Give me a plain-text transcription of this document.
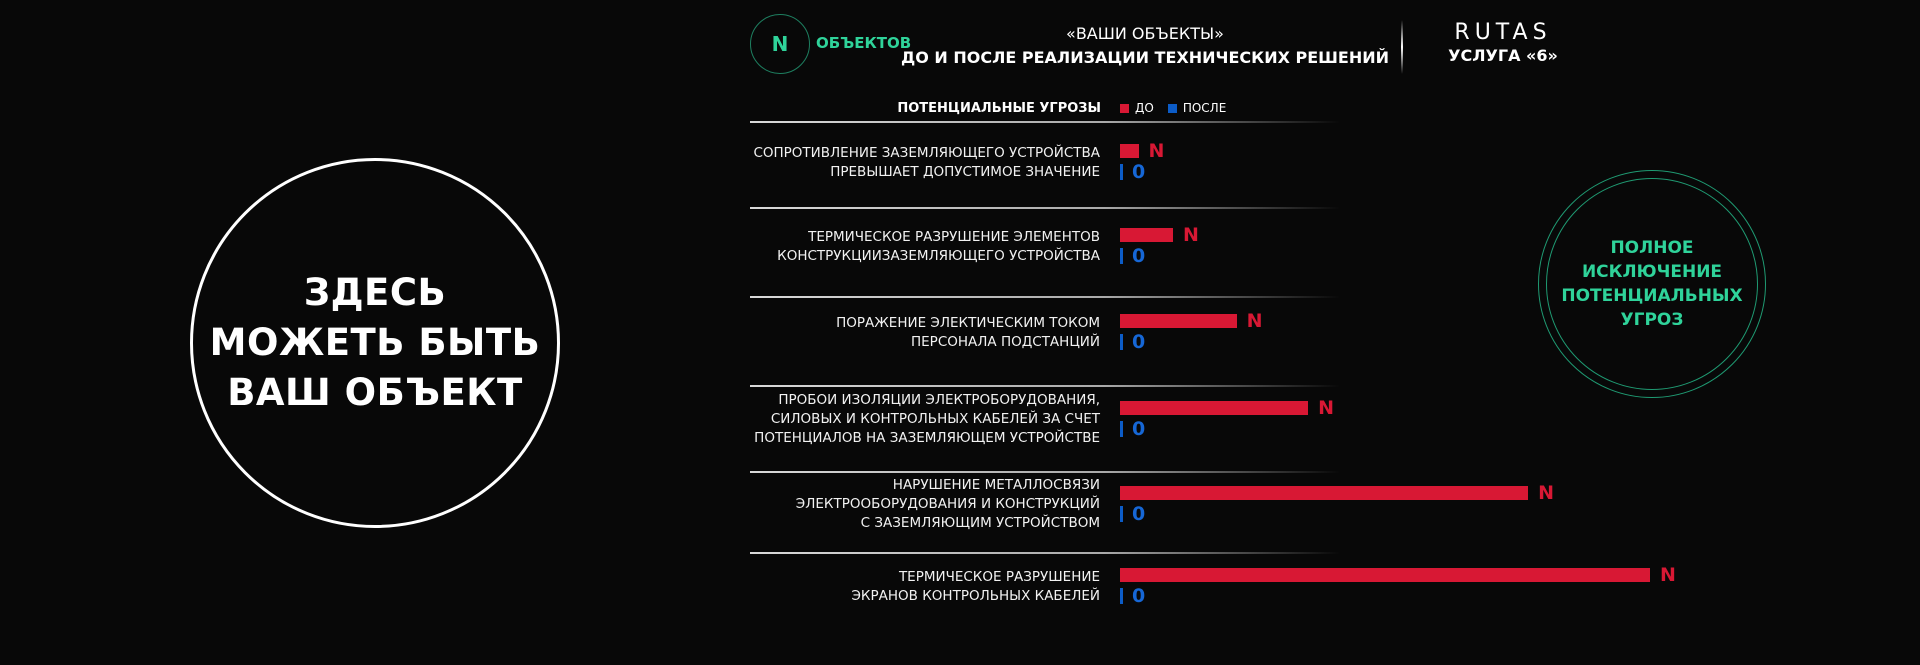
ЗДЕСЬ
МОЖЕТЬ БЫТЬ
ВАШ ОБЪЕКТ
N ОБЪЕКТОВ	«ВАШИ ОБЪЕКТЫ»
ДО И ПОСЛЕ РЕАЛИЗАЦИИ ТЕХНИЧЕСКИХ РЕШЕНИЙ
RUTAS
УСЛУГА «6»
ПОТЕНЦИАЛЬНЫЕ УГРОЗЫ	ДО ПОСЛЕ
СОПРОТИВЛЕНИЕ ЗАЗЕМЛЯЮЩЕГО УСТРОЙСТВА
ПРЕВЫШАЕТ ДОПУСТИМОЕ ЗНАЧЕНИЕ
N
0
ТЕРМИЧЕСКОЕ РАЗРУШЕНИЕ ЭЛЕМЕНТОВ
КОНСТРУКЦИИЗАЗЕМЛЯЮЩЕГО УСТРОЙСТВА
N
0
ПОРАЖЕНИЕ ЭЛЕКТИЧЕСКИМ ТОКОМ
ПЕРСОНАЛА ПОДСТАНЦИЙ
N
0
ПРОБОИ ИЗОЛЯЦИИ ЭЛЕКТРОБОРУДОВАНИЯ,
СИЛОВЫХ И КОНТРОЛЬНЫХ КАБЕЛЕЙ ЗА СЧЕТ
ПОТЕНЦИАЛОВ НА ЗАЗЕМЛЯЮЩЕМ УСТРОЙСТВЕ
N
0
НАРУШЕНИЕ МЕТАЛЛОСВЯЗИ
ЭЛЕКТРООБОРУДОВАНИЯ И КОНСТРУКЦИЙ
С ЗАЗЕМЛЯЮЩИМ УСТРОЙСТВОМ
N
0
ТЕРМИЧЕСКОЕ РАЗРУШЕНИЕ
ЭКРАНОВ КОНТРОЛЬНЫХ КАБЕЛЕЙ
N
0
ПОЛНОЕ
ИСКЛЮЧЕНИЕ
ПОТЕНЦИАЛЬНЫХ
УГРОЗ
